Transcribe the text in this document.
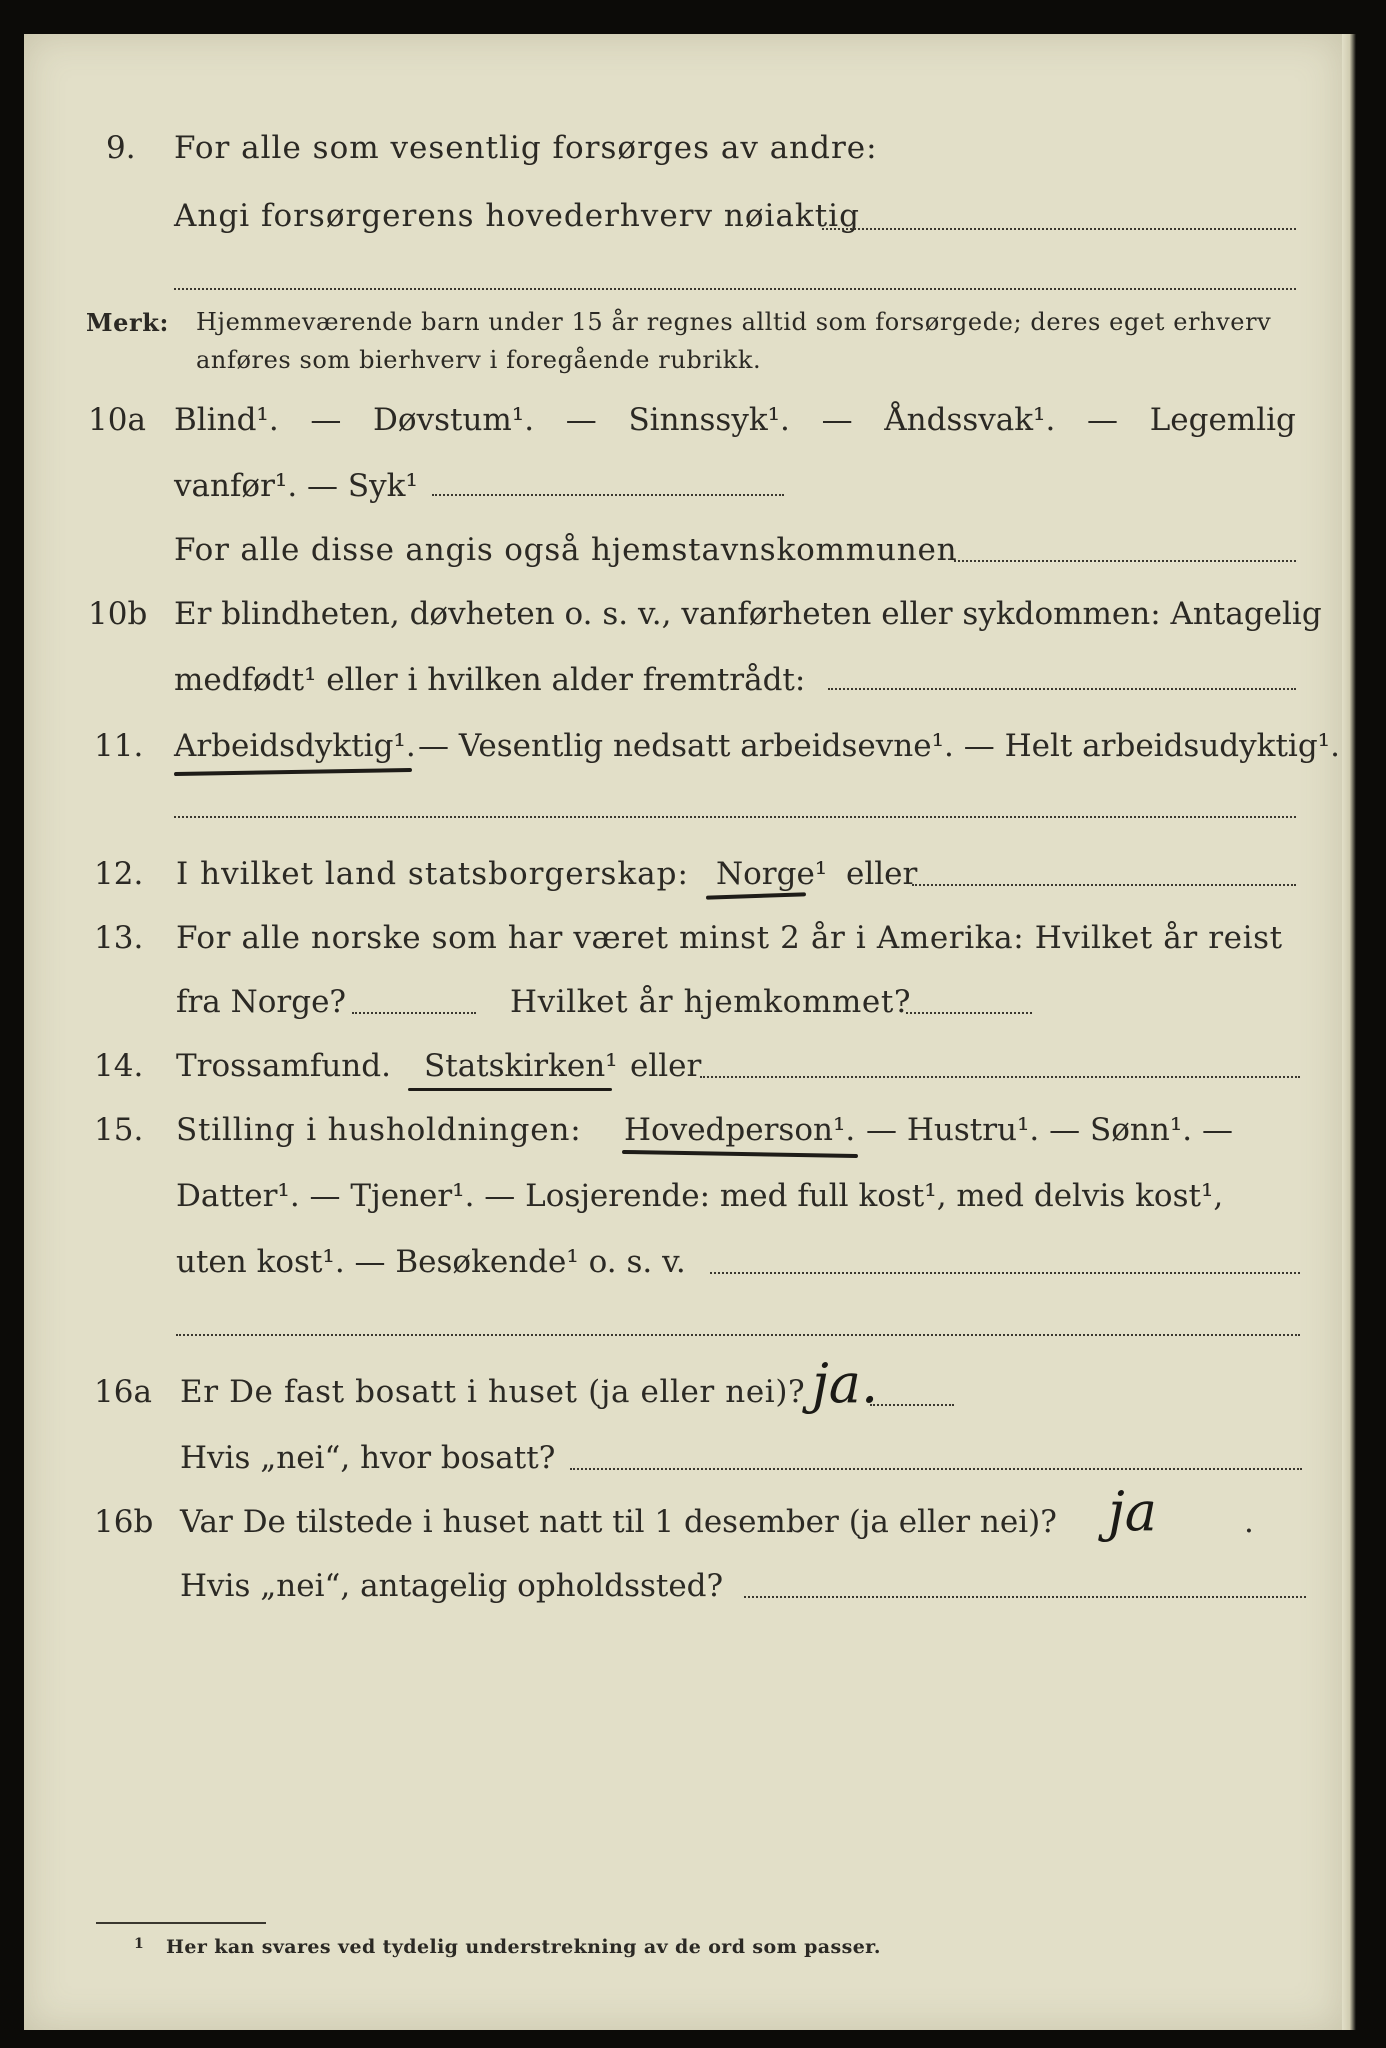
9. For alle som vesentlig forsørges av andre:
Angi forsørgerens hovederhverv nøiaktig
Merk: Hjemmeværende barn under 15 år regnes alltid som forsørgede; deres eget erhverv
anføres som bierhverv i foregående rubrikk.
10a Blind¹. — Døvstum¹. — Sinnssyk¹. — Åndssvak¹. — Legemlig
vanfør¹. — Syk¹
For alle disse angis også hjemstavnskommunen
10b Er blindheten, døvheten o. s. v., vanførheten eller sykdommen: Antagelig
medfødt¹ eller i hvilken alder fremtrådt:
11. Arbeidsdyktig¹. — Vesentlig nedsatt arbeidsevne¹. — Helt arbeidsudyktig¹.
12. I hvilket land statsborgerskap: Norge¹ eller
13. For alle norske som har været minst 2 år i Amerika: Hvilket år reist
fra Norge?	Hvilket år hjemkommet?
14. Trossamfund. Statskirken¹ eller
15. Stilling i husholdningen: Hovedperson¹. — Hustru¹. — Sønn¹. —
Datter¹. — Tjener¹. — Losjerende: med full kost¹, med delvis kost¹,
uten kost¹. — Besøkende¹ o. s. v.
16a Er De fast bosatt i huset (ja eller nei)? ja.
Hvis „nei“, hvor bosatt?
16b Var De tilstede i huset natt til 1 desember (ja eller nei)? ja	.
Hvis „nei“, antagelig opholdssted?
1 Her kan svares ved tydelig understrekning av de ord som passer.
